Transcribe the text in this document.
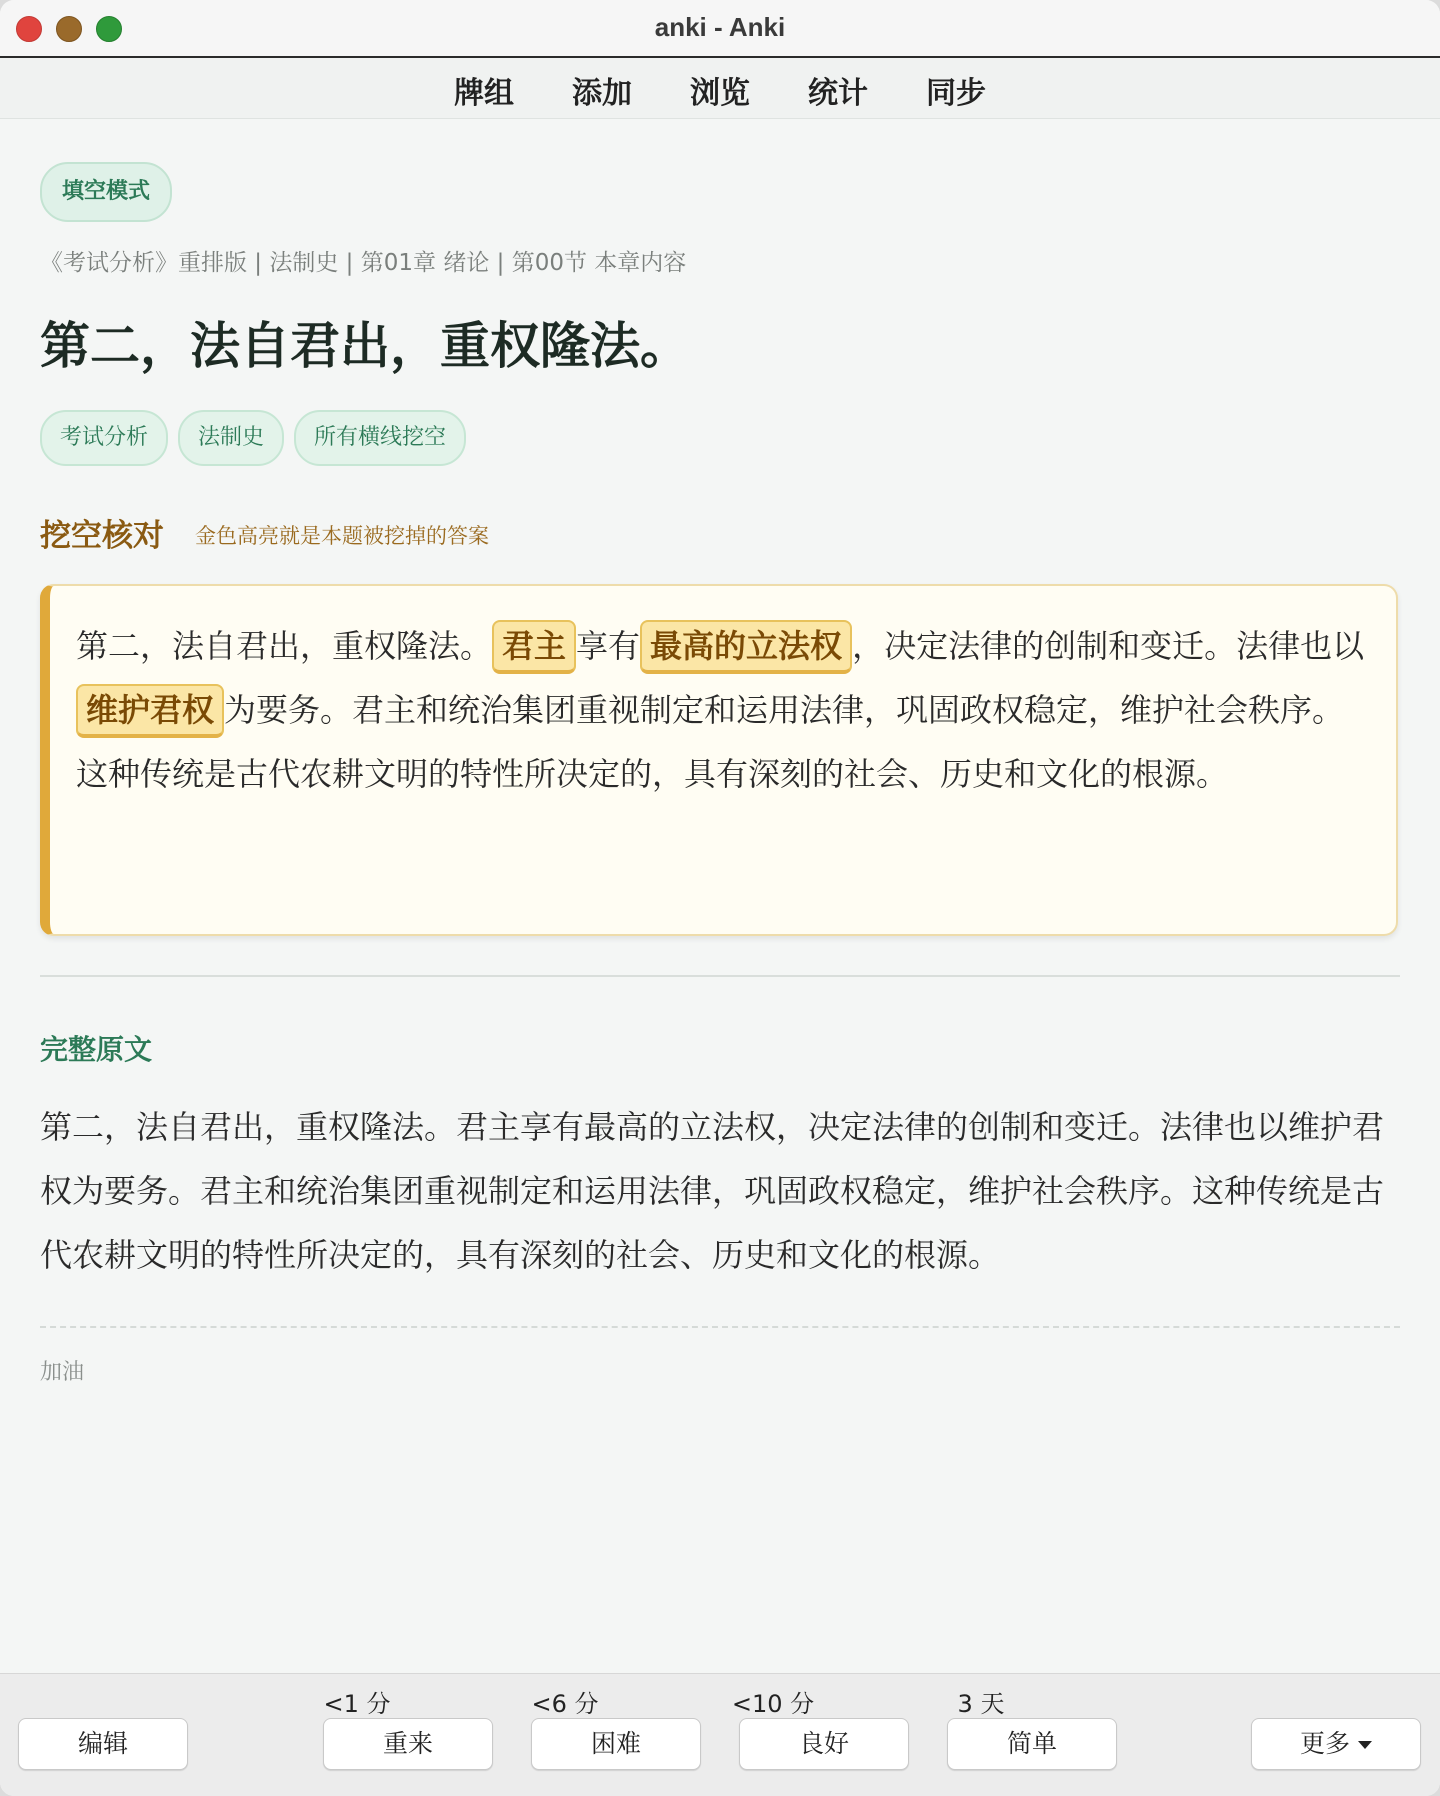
anki - Anki
牌组 添加 浏览 统计 同步
填空模式
《考试分析》重排版 | 法制史 | 第01章 绪论 | 第00节 本章内容
第二，法自君出，重权隆法。
考试分析	法制史	所有横线挖空
挖空核对 金色高亮就是本题被挖掉的答案
第二，法自君出，重权隆法。 君主 享有 最高的立法权 ，决定法律的创制和变迁。法律也以维护君权 为要务。君主和统治集团重视制定和运用法律，巩固政权稳定，维护社会秩序。这种传统是古代农耕文明的特性所决定的，具有深刻的社会、历史和文化的根源。
完整原文
第二，法自君出，重权隆法。君主享有最高的立法权，决定法律的创制和变迁。法律也以维护君权为要务。君主和统治集团重视制定和运用法律，巩固政权稳定，维护社会秩序。这种传统是古代农耕文明的特性所决定的，具有深刻的社会、历史和文化的根源。
加油
编辑
<1 分
重来
<6 分
困难
<10 分
良好
3 天
简单	更多
